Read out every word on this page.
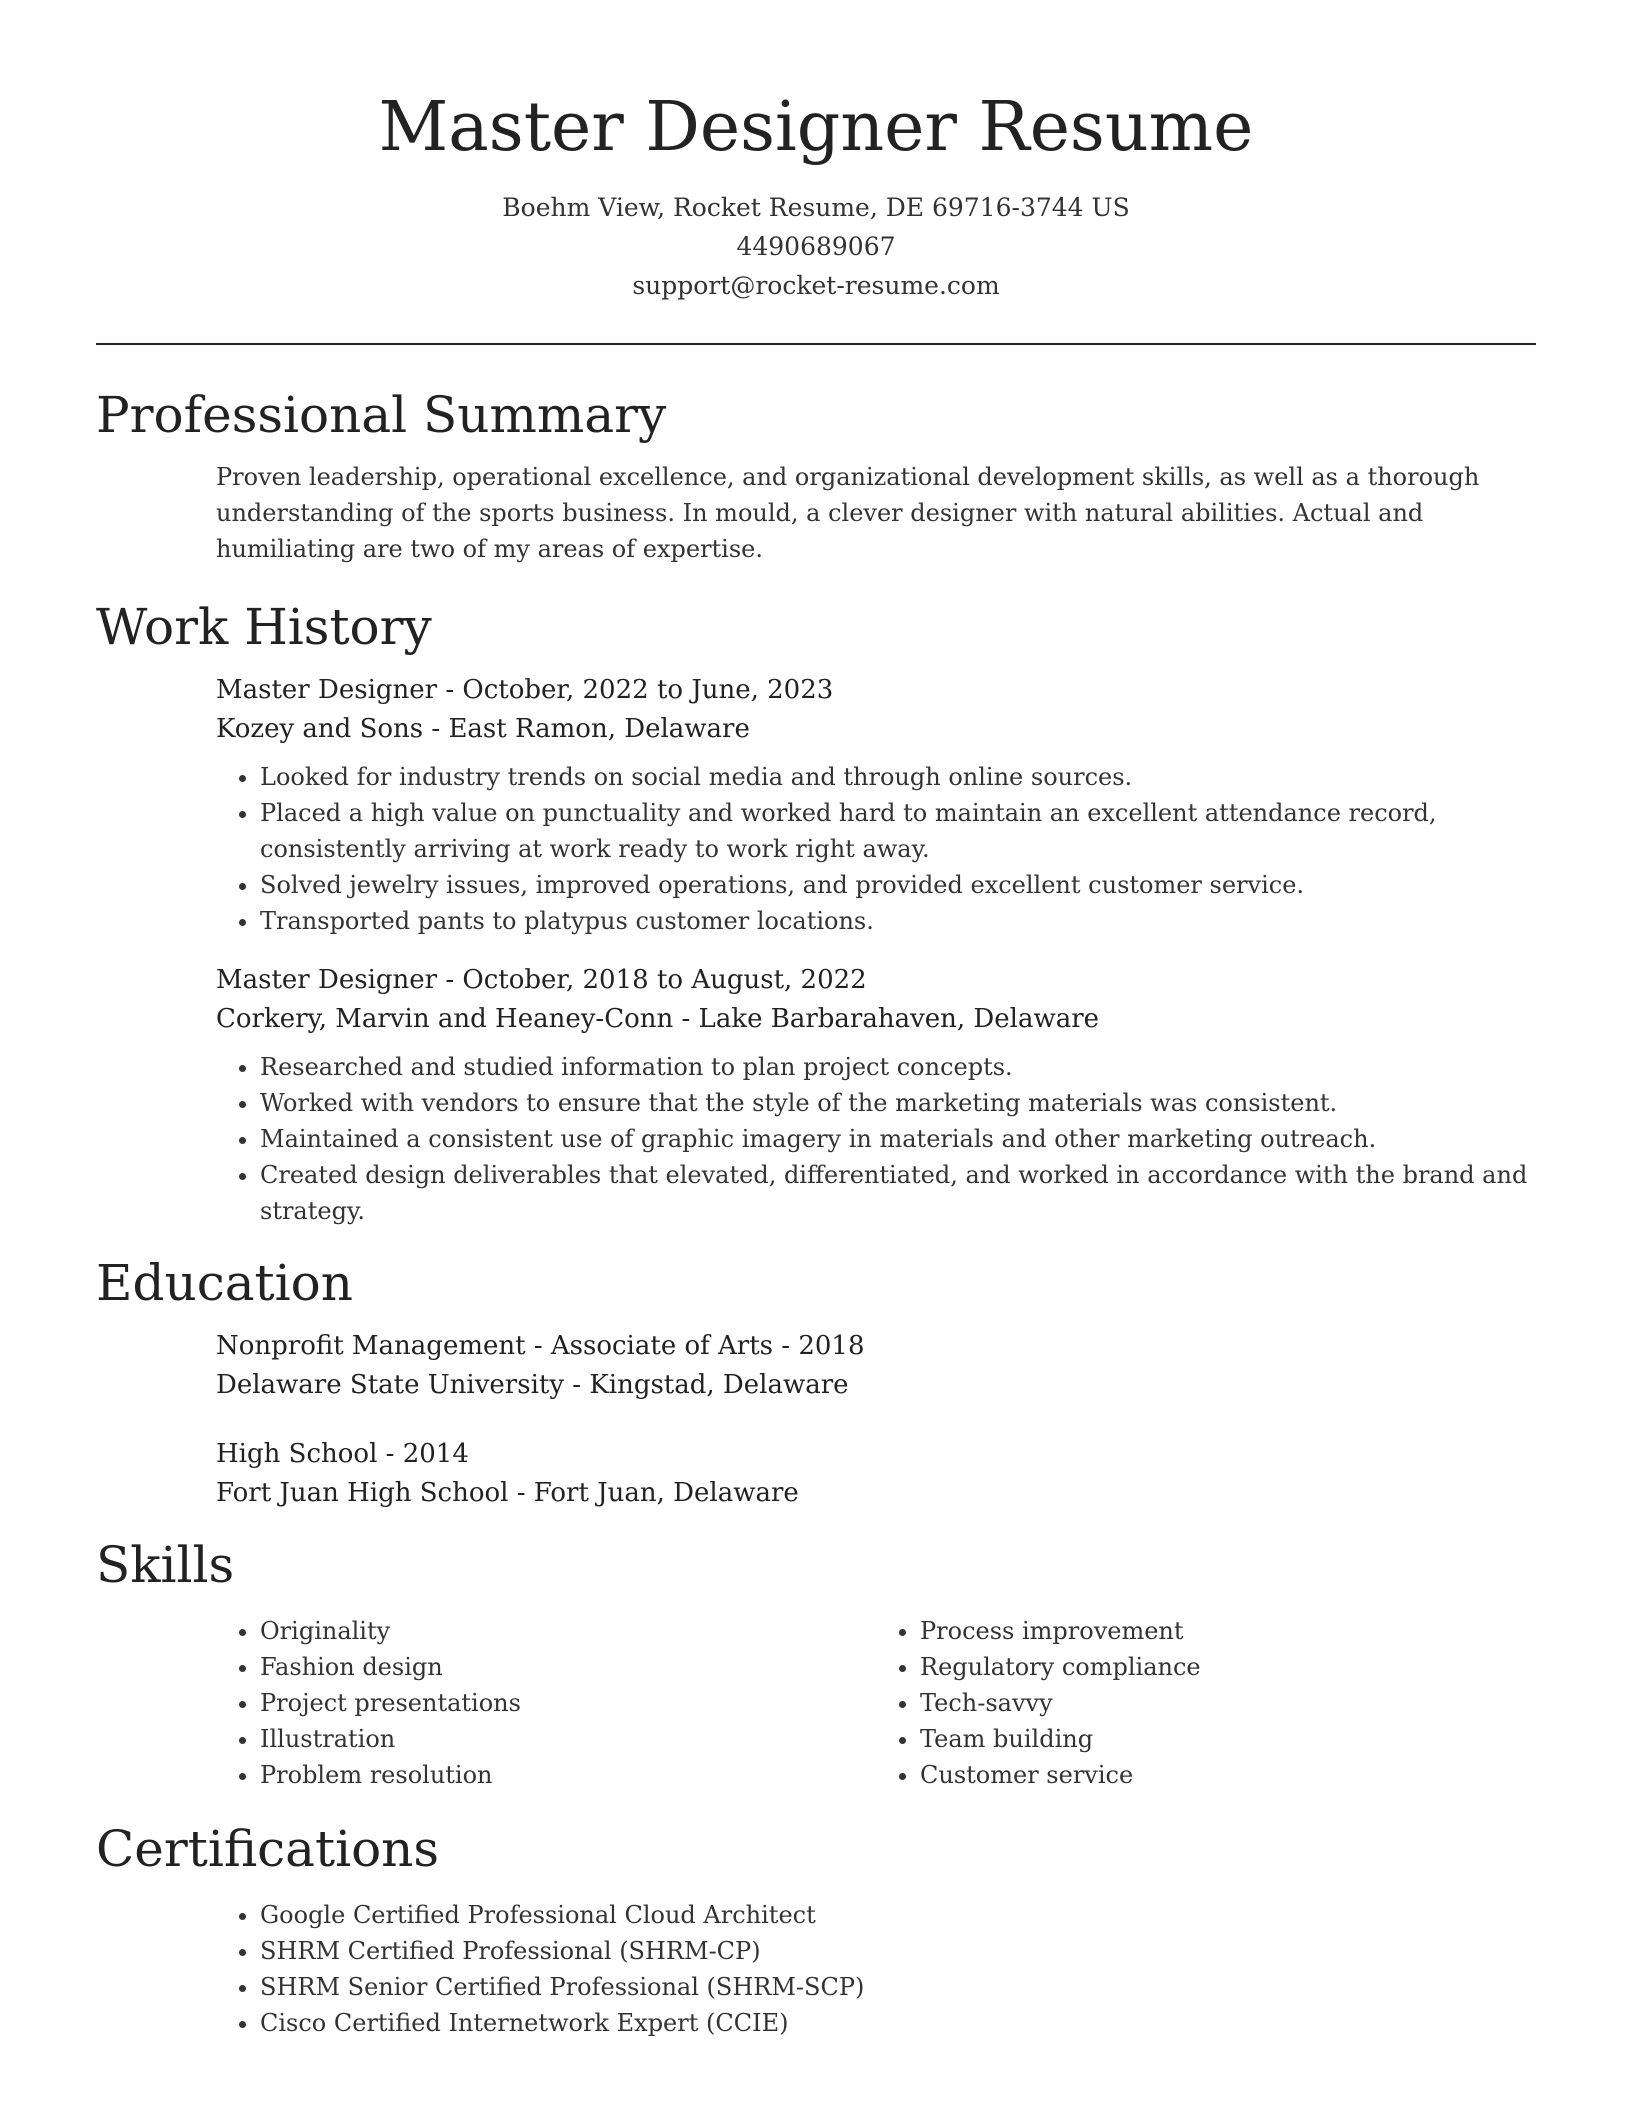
Master Designer Resume
Boehm View, Rocket Resume, DE 69716-3744 US
4490689067
support@rocket-resume.com
Professional Summary

Proven leadership, operational excellence, and organizational development skills, as well as a thorough understanding of the sports business. In mould, a clever designer with natural abilities. Actual and humiliating are two of my areas of expertise.

Work History
Master Designer - October, 2022 to June, 2023
Kozey and Sons - East Ramon, Delaware
• Looked for industry trends on social media and through online sources.
• Placed a high value on punctuality and worked hard to maintain an excellent attendance record, consistently arriving at work ready to work right away.
• Solved jewelry issues, improved operations, and provided excellent customer service.
• Transported pants to platypus customer locations.
Master Designer - October, 2018 to August, 2022
Corkery, Marvin and Heaney-Conn - Lake Barbarahaven, Delaware
• Researched and studied information to plan project concepts.
• Worked with vendors to ensure that the style of the marketing materials was consistent.
• Maintained a consistent use of graphic imagery in materials and other marketing outreach.
• Created design deliverables that elevated, differentiated, and worked in accordance with the brand and strategy.
Education
Nonprofit Management - Associate of Arts - 2018
Delaware State University - Kingstad, Delaware
High School - 2014
Fort Juan High School - Fort Juan, Delaware
Skills
• Originality
• Fashion design
• Project presentations
• Illustration
• Problem resolution
• Process improvement
• Regulatory compliance
• Tech-savvy
• Team building
• Customer service
Certifications
• Google Certified Professional Cloud Architect
• SHRM Certified Professional (SHRM-CP)
• SHRM Senior Certified Professional (SHRM-SCP)
• Cisco Certified Internetwork Expert (CCIE)
